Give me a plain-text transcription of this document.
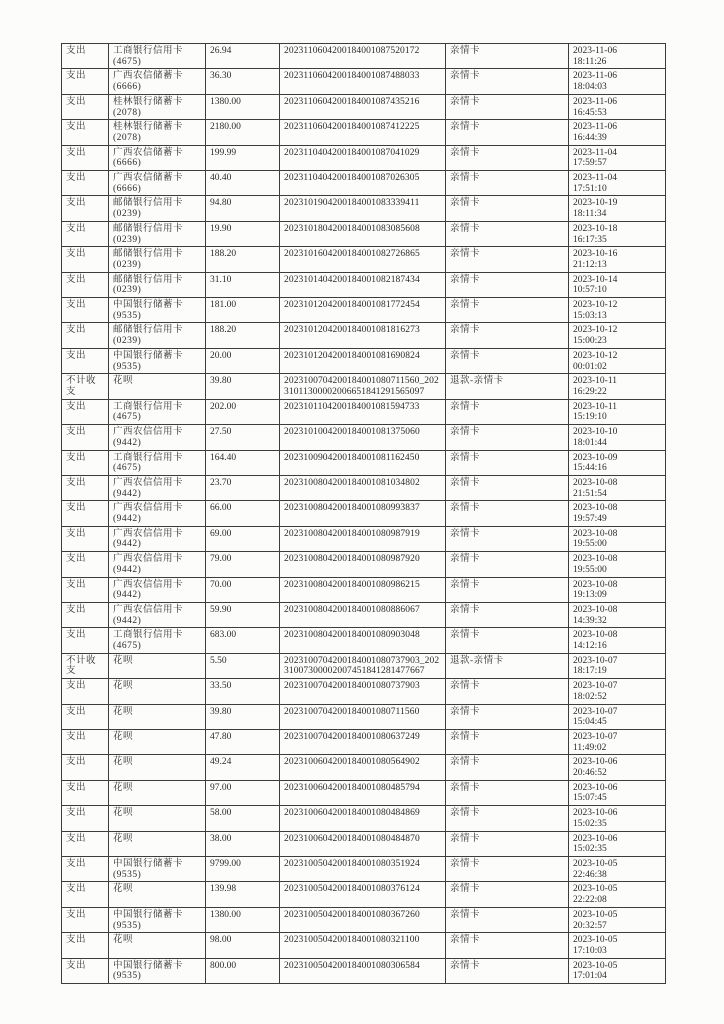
支出	工商银行信用卡
(4675)
	26.94	2023110604200184001087520172	亲情卡	2023-11-06
18:11:26

支出	广西农信储蓄卡
(6666)
	36.30	2023110604200184001087488033	亲情卡	2023-11-06
18:04:03

支出	桂林银行储蓄卡
(2078)
	1380.00	2023110604200184001087435216	亲情卡	2023-11-06
16:45:53

支出	桂林银行储蓄卡
(2078)
	2180.00	2023110604200184001087412225	亲情卡	2023-11-06
16:44:39

支出	广西农信储蓄卡
(6666)
	199.99	2023110404200184001087041029	亲情卡	2023-11-04
17:59:57

支出	广西农信储蓄卡
(6666)
	40.40	2023110404200184001087026305	亲情卡	2023-11-04
17:51:10

支出	邮储银行信用卡
(0239)
	94.80	2023101904200184001083339411	亲情卡	2023-10-19
18:11:34

支出	邮储银行信用卡
(0239)
	19.90	2023101804200184001083085608	亲情卡	2023-10-18
16:17:35

支出	邮储银行信用卡
(0239)
	188.20	2023101604200184001082726865	亲情卡	2023-10-16
21:12:13

支出	邮储银行信用卡
(0239)
	31.10	2023101404200184001082187434	亲情卡	2023-10-14
10:57:10

支出	中国银行储蓄卡
(9535)
	181.00	2023101204200184001081772454	亲情卡	2023-10-12
15:03:13

支出	邮储银行信用卡
(0239)
	188.20	2023101204200184001081816273	亲情卡	2023-10-12
15:00:23

支出	中国银行储蓄卡
(9535)
	20.00	2023101204200184001081690824	亲情卡	2023-10-12
00:01:02

不计收支	花呗	39.80	2023100704200184001080711560_20231011300002006651841291565097	退款-亲情卡	2023-10-11
16:29:22

支出	工商银行信用卡
(4675)
	202.00	2023101104200184001081594733	亲情卡	2023-10-11
15:19:10

支出	广西农信信用卡
(9442)
	27.50	2023101004200184001081375060	亲情卡	2023-10-10
18:01:44

支出	工商银行信用卡
(4675)
	164.40	2023100904200184001081162450	亲情卡	2023-10-09
15:44:16

支出	广西农信信用卡
(9442)
	23.70	2023100804200184001081034802	亲情卡	2023-10-08
21:51:54

支出	广西农信信用卡
(9442)
	66.00	2023100804200184001080993837	亲情卡	2023-10-08
19:57:49

支出	广西农信信用卡
(9442)
	69.00	2023100804200184001080987919	亲情卡	2023-10-08
19:55:00

支出	广西农信信用卡
(9442)
	79.00	2023100804200184001080987920	亲情卡	2023-10-08
19:55:00

支出	广西农信信用卡
(9442)
	70.00	2023100804200184001080986215	亲情卡	2023-10-08
19:13:09

支出	广西农信信用卡
(9442)
	59.90	2023100804200184001080886067	亲情卡	2023-10-08
14:39:32

支出	工商银行信用卡
(4675)
	683.00	2023100804200184001080903048	亲情卡	2023-10-08
14:12:16

不计收支	花呗	5.50	2023100704200184001080737903_20231007300002007451841281477667	退款-亲情卡	2023-10-07
18:17:19

支出	花呗	33.50	2023100704200184001080737903	亲情卡	2023-10-07
18:02:52

支出	花呗	39.80	2023100704200184001080711560	亲情卡	2023-10-07
15:04:45

支出	花呗	47.80	2023100704200184001080637249	亲情卡	2023-10-07
11:49:02

支出	花呗	49.24	2023100604200184001080564902	亲情卡	2023-10-06
20:46:52

支出	花呗	97.00	2023100604200184001080485794	亲情卡	2023-10-06
15:07:45

支出	花呗	58.00	2023100604200184001080484869	亲情卡	2023-10-06
15:02:35

支出	花呗	38.00	2023100604200184001080484870	亲情卡	2023-10-06
15:02:35

支出	中国银行储蓄卡
(9535)
	9799.00	2023100504200184001080351924	亲情卡	2023-10-05
22:46:38

支出	花呗	139.98	2023100504200184001080376124	亲情卡	2023-10-05
22:22:08

支出	中国银行储蓄卡
(9535)
	1380.00	2023100504200184001080367260	亲情卡	2023-10-05
20:32:57

支出	花呗	98.00	2023100504200184001080321100	亲情卡	2023-10-05
17:10:03

支出	中国银行储蓄卡
(9535)
	800.00	2023100504200184001080306584	亲情卡	2023-10-05
17:01:04
